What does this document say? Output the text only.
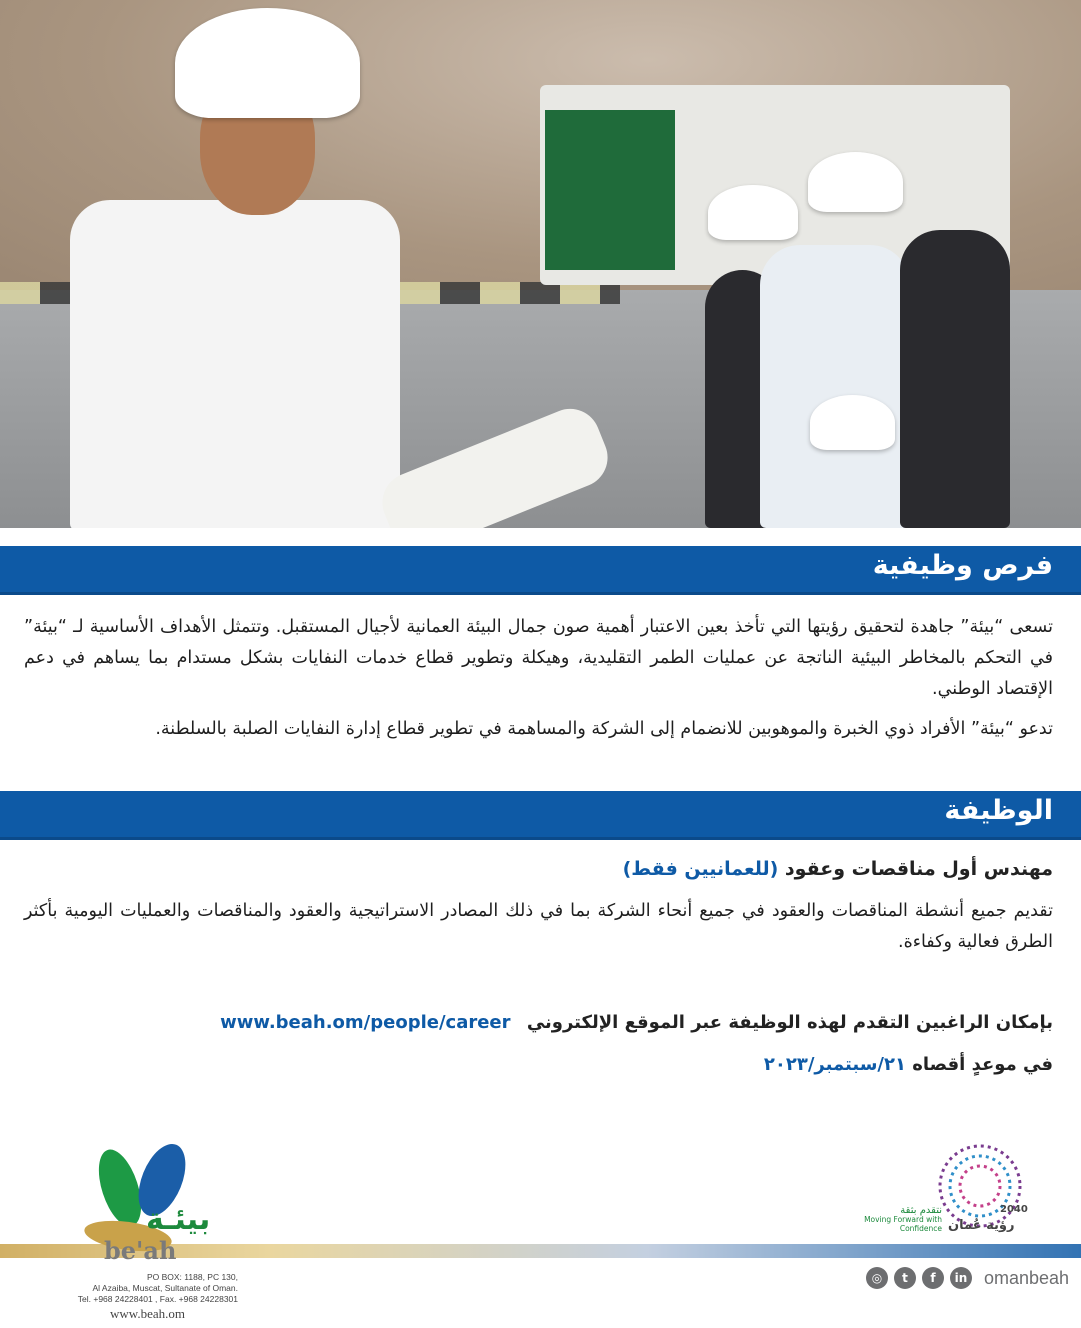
فرص وظيفية
تسعى “بيئة” جاهدة لتحقيق رؤيتها التي تأخذ بعين الاعتبار أهمية صون جمال البيئة العمانية لأجيال المستقبل. وتتمثل الأهداف الأساسية لـ “بيئة” في التحكم بالمخاطر البيئية الناتجة عن عمليات الطمر التقليدية، وهيكلة وتطوير قطاع خدمات النفايات بشكل مستدام بما يساهم في دعم الإقتصاد الوطني.
تدعو “بيئة” الأفراد ذوي الخبرة والموهوبين للانضمام إلى الشركة والمساهمة في تطوير قطاع إدارة النفايات الصلبة بالسلطنة.
الوظيفة
مهندس أول مناقصات وعقود (للعمانيين فقط)
تقديم جميع أنشطة المناقصات والعقود في جميع أنحاء الشركة بما في ذلك المصادر الاستراتيجية والعقود والمناقصات والعمليات اليومية بأكثر الطرق فعالية وكفاءة.
بإمكان الراغبين التقدم لهذه الوظيفة عبر الموقع الإلكتروني www.beah.om/people/career
في موعدٍ أقصاه ٢١/سبتمبر/٢٠٢٣
بيئـة
be'ah
PO BOX: 1188, PC 130,
Al Azaiba, Muscat, Sultanate of Oman.
Tel. +968 24228401 , Fax. +968 24228301
www.beah.om
2040
رؤية عُمان
نتقدم بثقة
Moving Forward with Confidence
◎	t	f	in omanbeah
